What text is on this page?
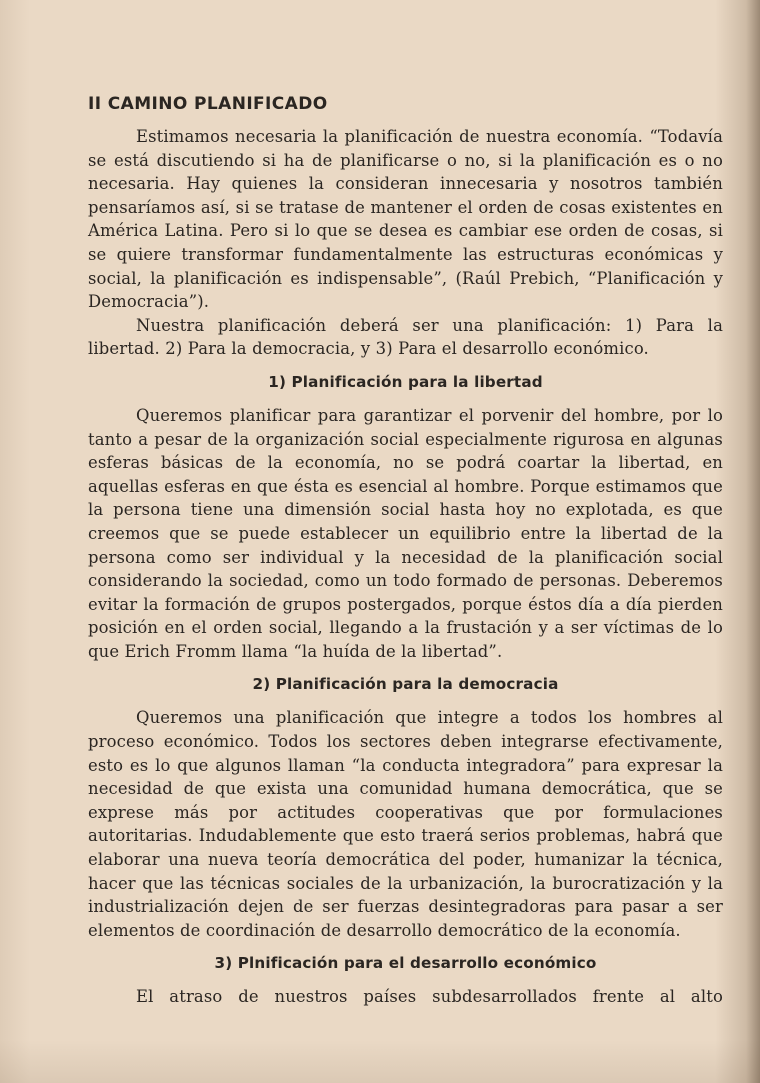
II CAMINO PLANIFICADO

Estimamos necesaria la planificación de nuestra economía. “Todavía se está discutiendo si ha de planificarse o no, si la planificación es o no necesaria. Hay quienes la consideran innecesaria y nosotros también pensaríamos así, si se tratase de mantener el orden de cosas existentes en América Latina. Pero si lo que se desea es cambiar ese orden de cosas, si se quiere transformar fundamentalmente las estructuras económicas y social, la planificación es indispensable”, (Raúl Prebich, “Planificación y Democracia”).

Nuestra planificación deberá ser una planificación: 1) Para la libertad. 2) Para la democracia, y 3) Para el desarrollo económico.

1) Planificación para la libertad

Queremos planificar para garantizar el porvenir del hombre, por lo tanto a pesar de la organización social especialmente rigurosa en algunas esferas básicas de la economía, no se podrá coartar la libertad, en aquellas esferas en que ésta es esencial al hombre. Porque estimamos que la persona tiene una dimensión social hasta hoy no explotada, es que creemos que se puede establecer un equilibrio entre la libertad de la persona como ser individual y la necesidad de la planificación social considerando la sociedad, como un todo formado de personas. Deberemos evitar la formación de grupos postergados, porque éstos día a día pierden posición en el orden social, llegando a la frustación y a ser víctimas de lo que Erich Fromm llama “la huída de la libertad”.

2) Planificación para la democracia

Queremos una planificación que integre a todos los hombres al proceso económico. Todos los sectores deben integrarse efectivamente, esto es lo que algunos llaman “la conducta integradora” para expresar la necesidad de que exista una comunidad humana democrática, que se exprese más por actitudes cooperativas que por formulaciones autoritarias. Indudablemente que esto traerá serios problemas, habrá que elaborar una nueva teoría democrática del poder, humanizar la técnica, hacer que las técnicas sociales de la urbanización, la burocratización y la industrialización dejen de ser fuerzas desintegradoras para pasar a ser elementos de coordinación de desarrollo democrático de la economía.

3) Plnificación para el desarrollo económico

El atraso de nuestros países subdesarrollados frente al alto
